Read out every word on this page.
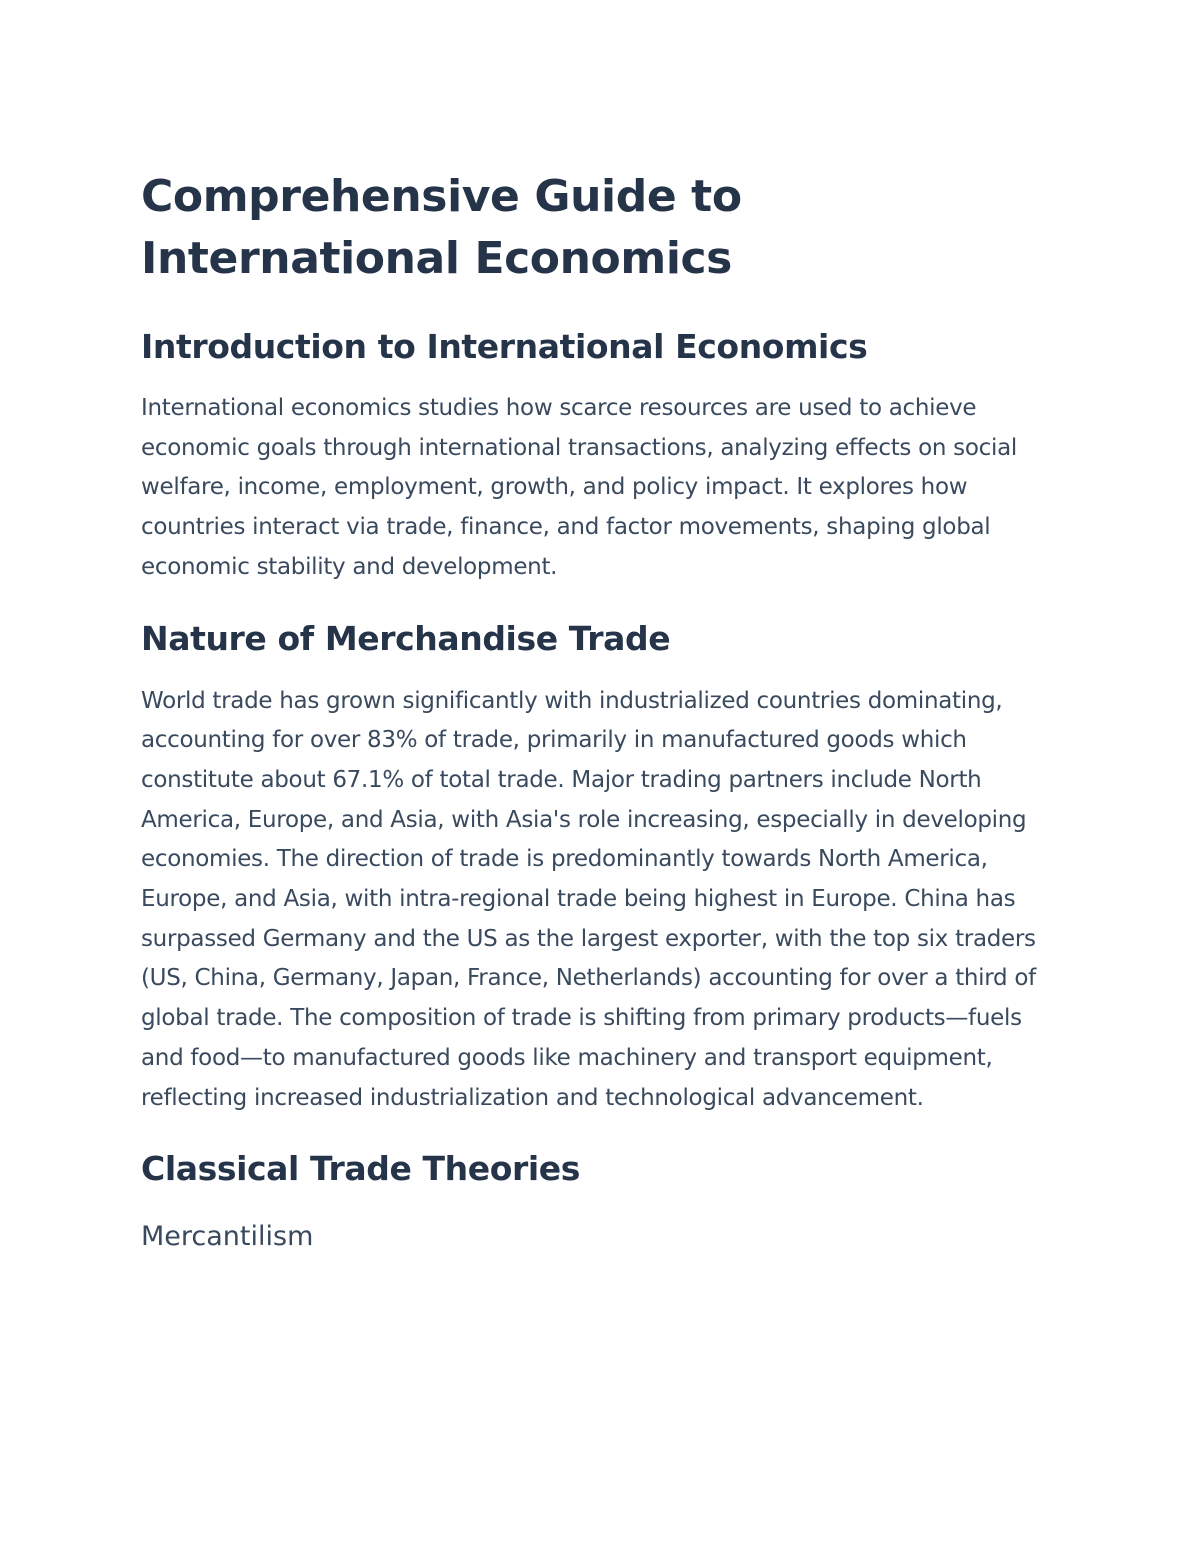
Comprehensive Guide to International Economics
Introduction to International Economics

International economics studies how scarce resources are used to achieve economic goals through international transactions, analyzing effects on social welfare, income, employment, growth, and policy impact. It explores how countries interact via trade, finance, and factor movements, shaping global economic stability and development.

Nature of Merchandise Trade

World trade has grown significantly with industrialized countries dominating, accounting for over 83% of trade, primarily in manufactured goods which constitute about 67.1% of total trade. Major trading partners include North America, Europe, and Asia, with Asia's role increasing, especially in developing economies. The direction of trade is predominantly towards North America, Europe, and Asia, with intra-regional trade being highest in Europe. China has surpassed Germany and the US as the largest exporter, with the top six traders (US, China, Germany, Japan, France, Netherlands) accounting for over a third of global trade. The composition of trade is shifting from primary products—fuels and food—to manufactured goods like machinery and transport equipment, reflecting increased industrialization and technological advancement.

Classical Trade Theories
Mercantilism
